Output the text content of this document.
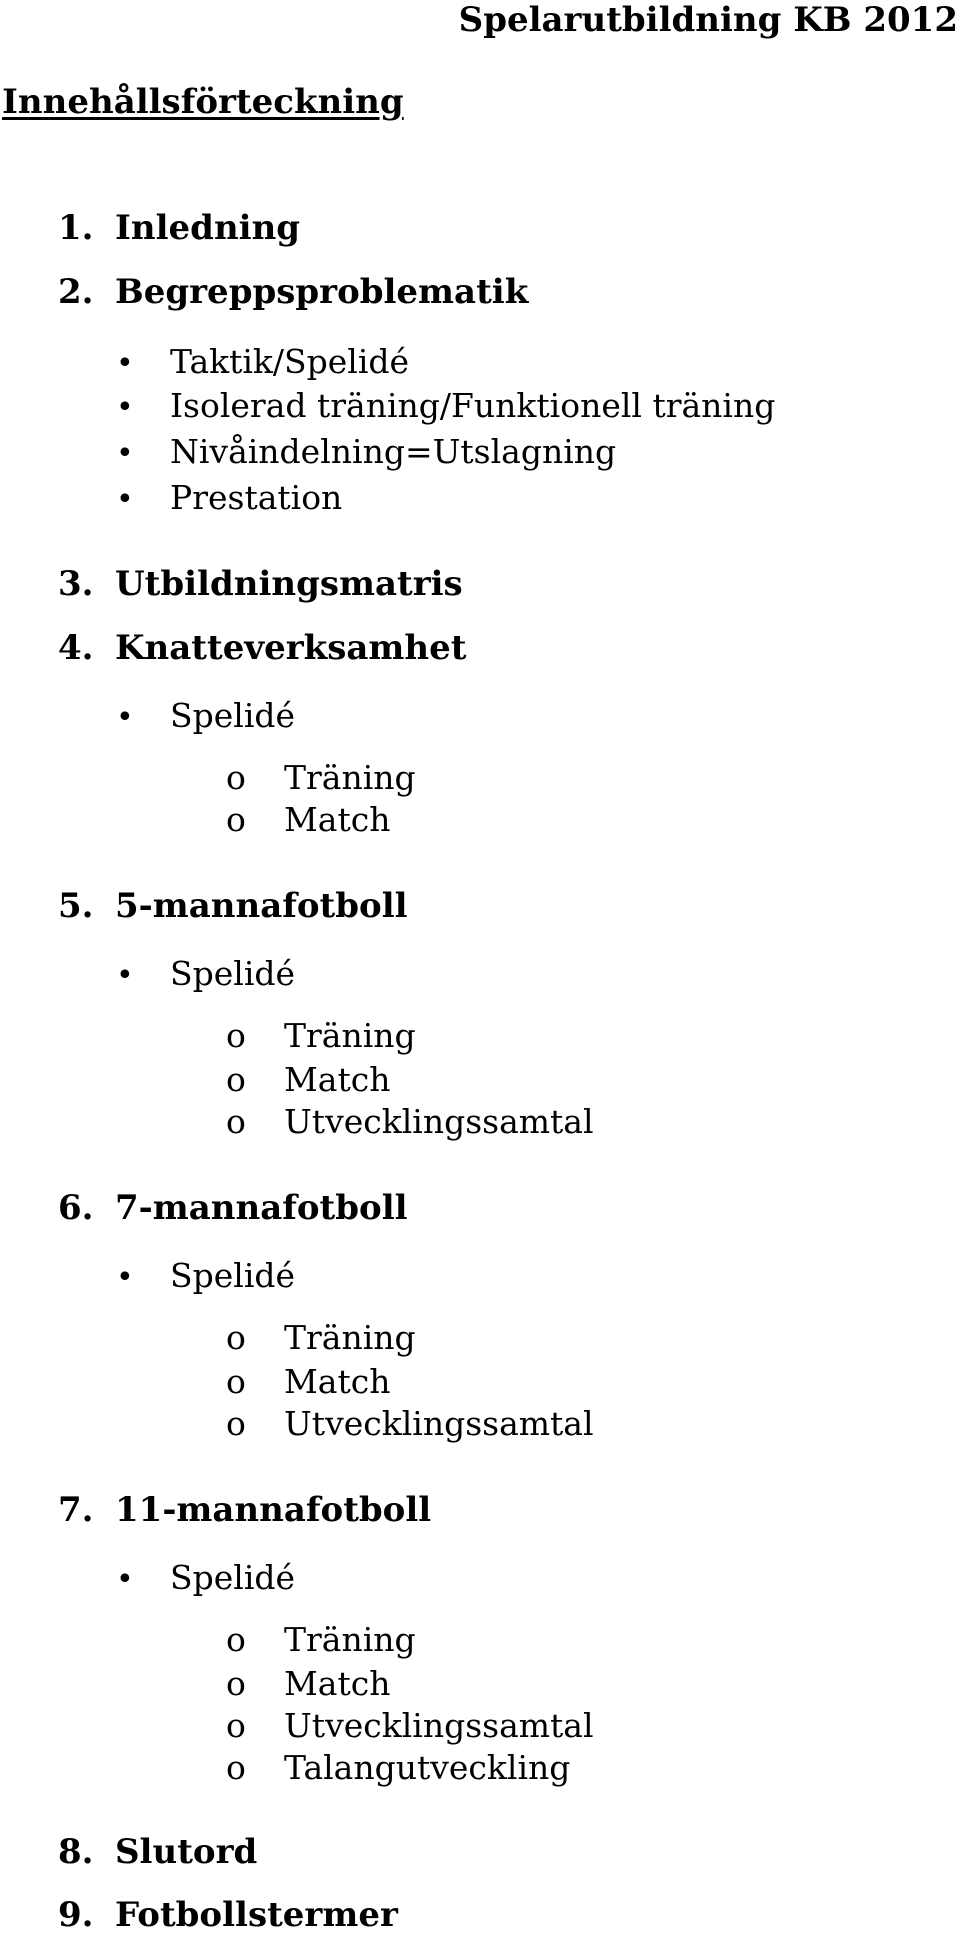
Spelarutbildning KB 2012
Innehållsförteckning
1. Inledning
2. Begreppsproblematik
• Taktik/Spelidé
• Isolerad träning/Funktionell träning
• Nivåindelning=Utslagning
• Prestation
3. Utbildningsmatris
4. Knatteverksamhet
• Spelidé
o Träning
o Match
5. 5-mannafotboll
• Spelidé
o Träning
o Match
o Utvecklingssamtal
6. 7-mannafotboll
• Spelidé
o Träning
o Match
o Utvecklingssamtal
7. 11-mannafotboll
• Spelidé
o Träning
o Match
o Utvecklingssamtal
o Talangutveckling
8. Slutord
9. Fotbollstermer
